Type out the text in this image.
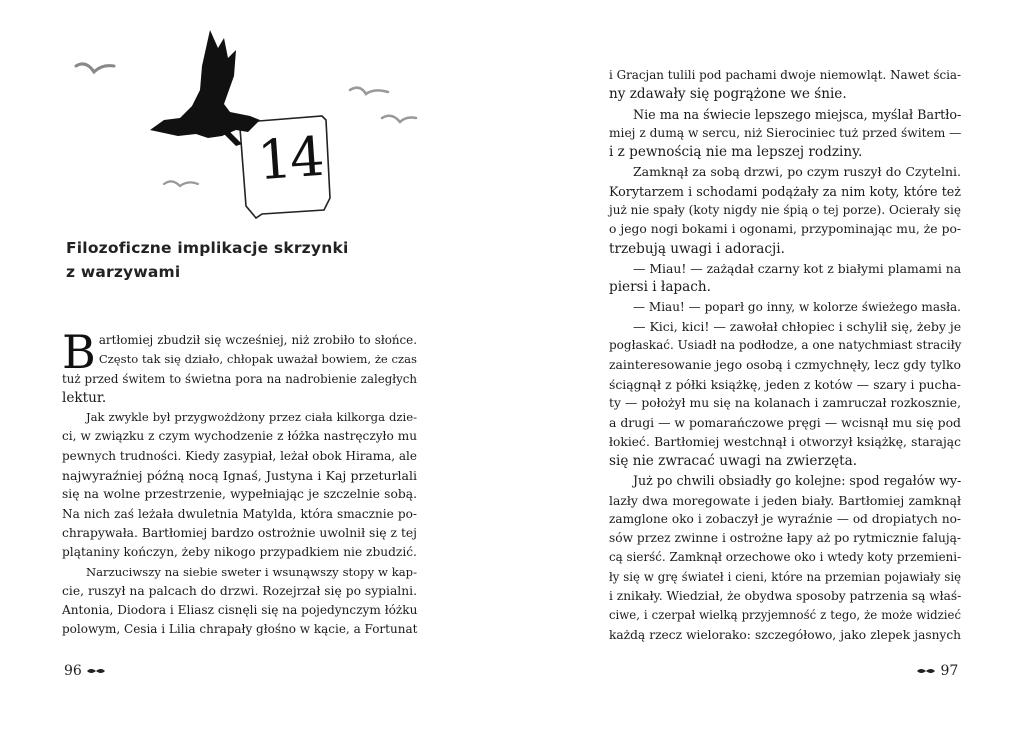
14
Filozoficzne implikacje skrzynki
z warzywami
B artłomiej zbudził się wcześniej, niż zrobiło to słońce.
Często tak się działo, chłopak uważał bowiem, że czas
tuż przed świtem to świetna pora na nadrobienie zaległych
lektur.
Jak zwykle był przygwożdżony przez ciała kilkorga dzie-
ci, w związku z czym wychodzenie z łóżka nastręczyło mu
pewnych trudności. Kiedy zasypiał, leżał obok Hirama, ale
najwyraźniej późną nocą Ignaś, Justyna i Kaj przeturlali
się na wolne przestrzenie, wypełniając je szczelnie sobą.
Na nich zaś leżała dwuletnia Matylda, która smacznie po-
chrapywała. Bartłomiej bardzo ostrożnie uwolnił się z tej
plątaniny kończyn, żeby nikogo przypadkiem nie zbudzić.
Narzuciwszy na siebie sweter i wsunąwszy stopy w kap-
cie, ruszył na palcach do drzwi. Rozejrzał się po sypialni.
Antonia, Diodora i Eliasz cisnęli się na pojedynczym łóżku
polowym, Cesia i Lilia chrapały głośno w kącie, a Fortunat
96
i Gracjan tulili pod pachami dwoje niemowląt. Nawet ścia-
ny zdawały się pogrążone we śnie.
Nie ma na świecie lepszego miejsca, myślał Bartło-
miej z dumą w sercu, niż Sierociniec tuż przed świtem —
i z pewnością nie ma lepszej rodziny.
Zamknął za sobą drzwi, po czym ruszył do Czytelni.
Korytarzem i schodami podążały za nim koty, które też
już nie spały (koty nigdy nie śpią o tej porze). Ocierały się
o jego nogi bokami i ogonami, przypominając mu, że po-
trzebują uwagi i adoracji.
— Miau! — zażądał czarny kot z białymi plamami na
piersi i łapach.
— Miau! — poparł go inny, w kolorze świeżego masła.
— Kici, kici! — zawołał chłopiec i schylił się, żeby je
pogłaskać. Usiadł na podłodze, a one natychmiast straciły
zainteresowanie jego osobą i czmychnęły, lecz gdy tylko
ściągnął z półki książkę, jeden z kotów — szary i pucha-
ty — położył mu się na kolanach i zamruczał rozkosznie,
a drugi — w pomarańczowe pręgi — wcisnął mu się pod
łokieć. Bartłomiej westchnął i otworzył książkę, starając
się nie zwracać uwagi na zwierzęta.
Już po chwili obsiadły go kolejne: spod regałów wy-
lazły dwa moregowate i jeden biały. Bartłomiej zamknął
zamglone oko i zobaczył je wyraźnie — od dropiatych no-
sów przez zwinne i ostrożne łapy aż po rytmicznie falują-
cą sierść. Zamknął orzechowe oko i wtedy koty przemieni-
ły się w grę świateł i cieni, które na przemian pojawiały się
i znikały. Wiedział, że obydwa sposoby patrzenia są właś-
ciwe, i czerpał wielką przyjemność z tego, że może widzieć
każdą rzecz wielorako: szczegółowo, jako zlepek jasnych
97
